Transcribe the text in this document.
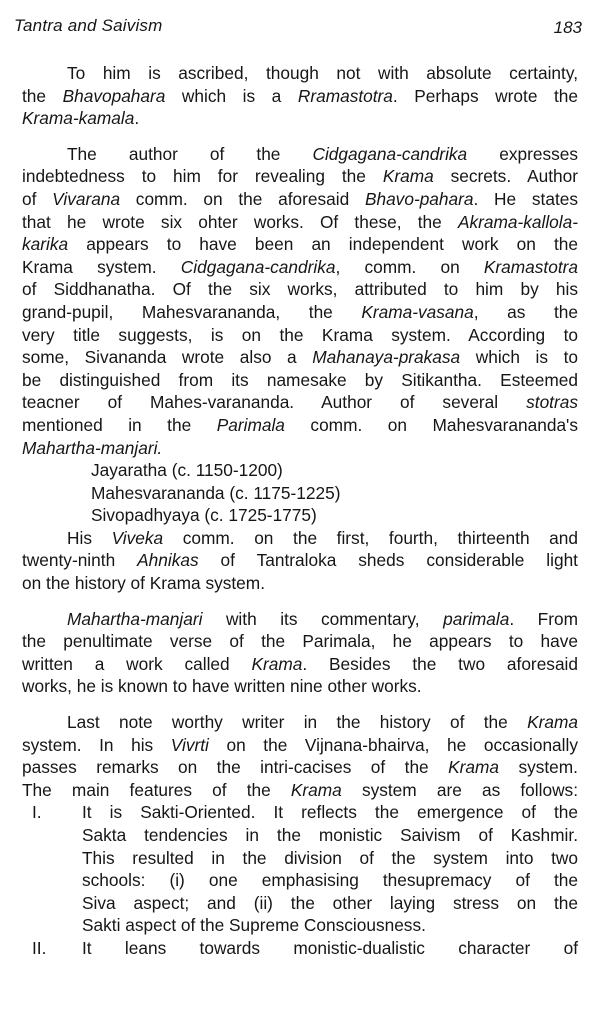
Tantra and Saivism	183
To him is ascribed, though not with absolute certainty,
the Bhavopahara which is a Rramastotra. Perhaps wrote the
Krama-kamala.
The author of the Cidgagana-candrika expresses
indebtedness to him for revealing the Krama secrets. Author
of Vivarana comm. on the aforesaid Bhavo-pahara. He states
that he wrote six ohter works. Of these, the Akrama-kallola-
karika appears to have been an independent work on the
Krama system. Cidgagana-candrika, comm. on Kramastotra
of Siddhanatha. Of the six works, attributed to him by his
grand-pupil, Mahesvarananda, the Krama-vasana, as the
very title suggests, is on the Krama system. According to
some, Sivananda wrote also a Mahanaya-prakasa which is to
be distinguished from its namesake by Sitikantha. Esteemed
teacner of Mahes-varananda. Author of several stotras
mentioned in the Parimala comm. on Mahesvarananda's
Mahartha-manjari.
Jayaratha (c. 1150-1200)
Mahesvarananda (c. 1175-1225)
Sivopadhyaya (c. 1725-1775)
His Viveka comm. on the first, fourth, thirteenth and
twenty-ninth Ahnikas of Tantraloka sheds considerable light
on the history of Krama system.
Mahartha-manjari with its commentary, parimala. From
the penultimate verse of the Parimala, he appears to have
written a work called Krama. Besides the two aforesaid
works, he is known to have written nine other works.
Last note worthy writer in the history of the Krama
system. In his Vivrti on the Vijnana-bhairva, he occasionally
passes remarks on the intri-cacises of the Krama system.
The main features of the Krama system are as follows:
I. It is Sakti-Oriented. It reflects the emergence of the
Sakta tendencies in the monistic Saivism of Kashmir.
This resulted in the division of the system into two
schools: (i) one emphasising thesupremacy of the
Siva aspect; and (ii) the other laying stress on the
Sakti aspect of the Supreme Consciousness.
II. It leans towards monistic-dualistic character of
